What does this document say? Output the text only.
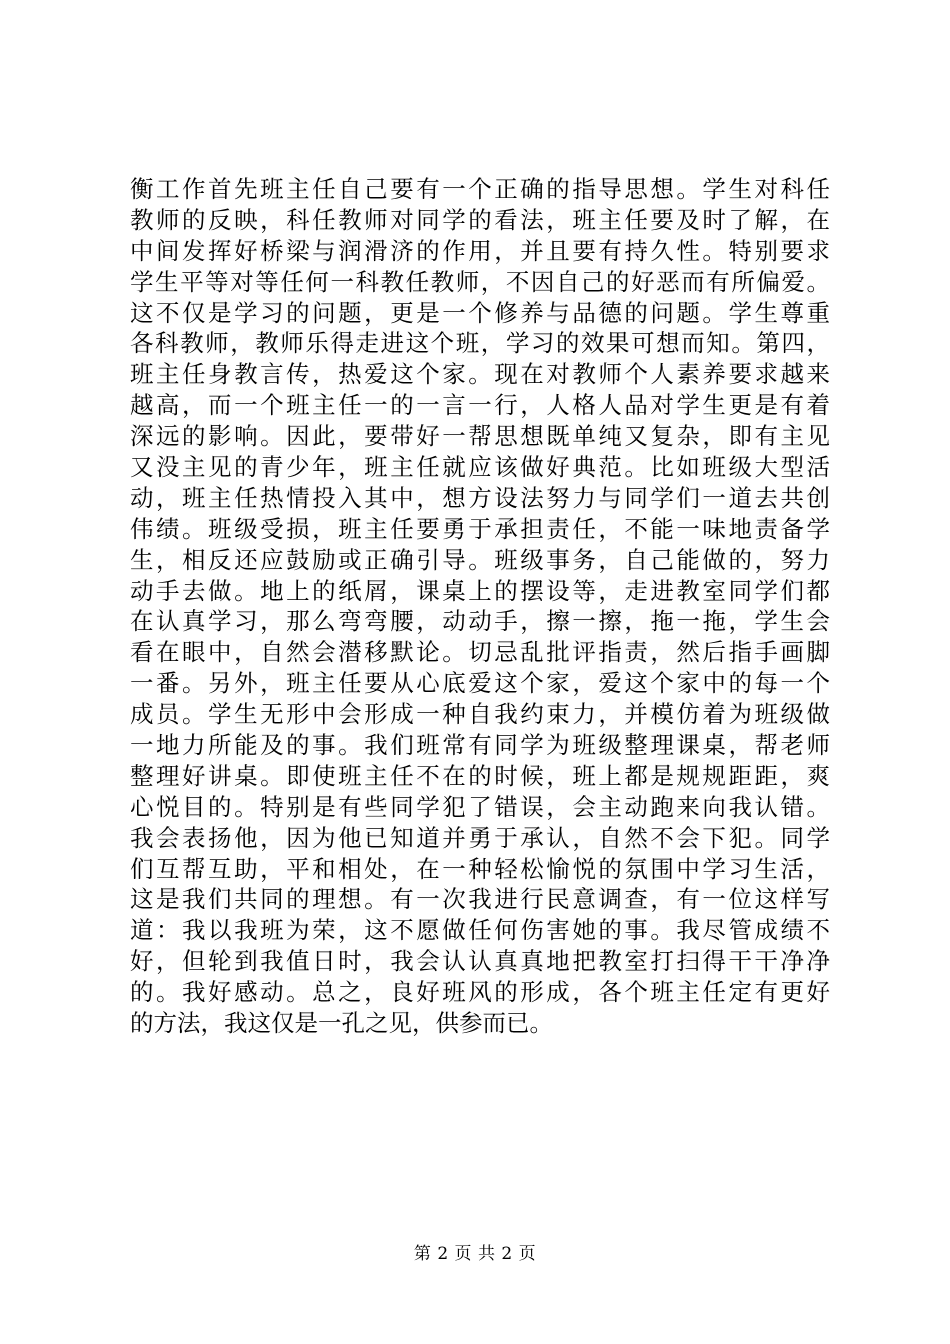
衡工作首先班主任自己要有一个正确的指导思想。学生对科任
教师的反映，科任教师对同学的看法，班主任要及时了解，在
中间发挥好桥梁与润滑济的作用，并且要有持久性。特别要求
学生平等对等任何一科教任教师，不因自己的好恶而有所偏爱。
这不仅是学习的问题，更是一个修养与品德的问题。学生尊重
各科教师，教师乐得走进这个班，学习的效果可想而知。第四，
班主任身教言传，热爱这个家。现在对教师个人素养要求越来
越高，而一个班主任一的一言一行，人格人品对学生更是有着
深远的影响。因此，要带好一帮思想既单纯又复杂，即有主见
又没主见的青少年，班主任就应该做好典范。比如班级大型活
动，班主任热情投入其中，想方设法努力与同学们一道去共创
伟绩。班级受损，班主任要勇于承担责任，不能一味地责备学
生，相反还应鼓励或正确引导。班级事务，自己能做的，努力
动手去做。地上的纸屑，课桌上的摆设等，走进教室同学们都
在认真学习，那么弯弯腰，动动手，擦一擦，拖一拖，学生会
看在眼中，自然会潜移默论。切忌乱批评指责，然后指手画脚
一番。另外，班主任要从心底爱这个家，爱这个家中的每一个
成员。学生无形中会形成一种自我约束力，并模仿着为班级做
一地力所能及的事。我们班常有同学为班级整理课桌，帮老师
整理好讲桌。即使班主任不在的时候，班上都是规规距距，爽
心悦目的。特别是有些同学犯了错误，会主动跑来向我认错。
我会表扬他，因为他已知道并勇于承认，自然不会下犯。同学
们互帮互助，平和相处，在一种轻松愉悦的氛围中学习生活，
这是我们共同的理想。有一次我进行民意调查，有一位这样写
道：我以我班为荣，这不愿做任何伤害她的事。我尽管成绩不
好，但轮到我值日时，我会认认真真地把教室打扫得干干净净
的。我好感动。总之，良好班风的形成，各个班主任定有更好
的方法，我这仅是一孔之见，供参而已。
第 2 页 共 2 页
